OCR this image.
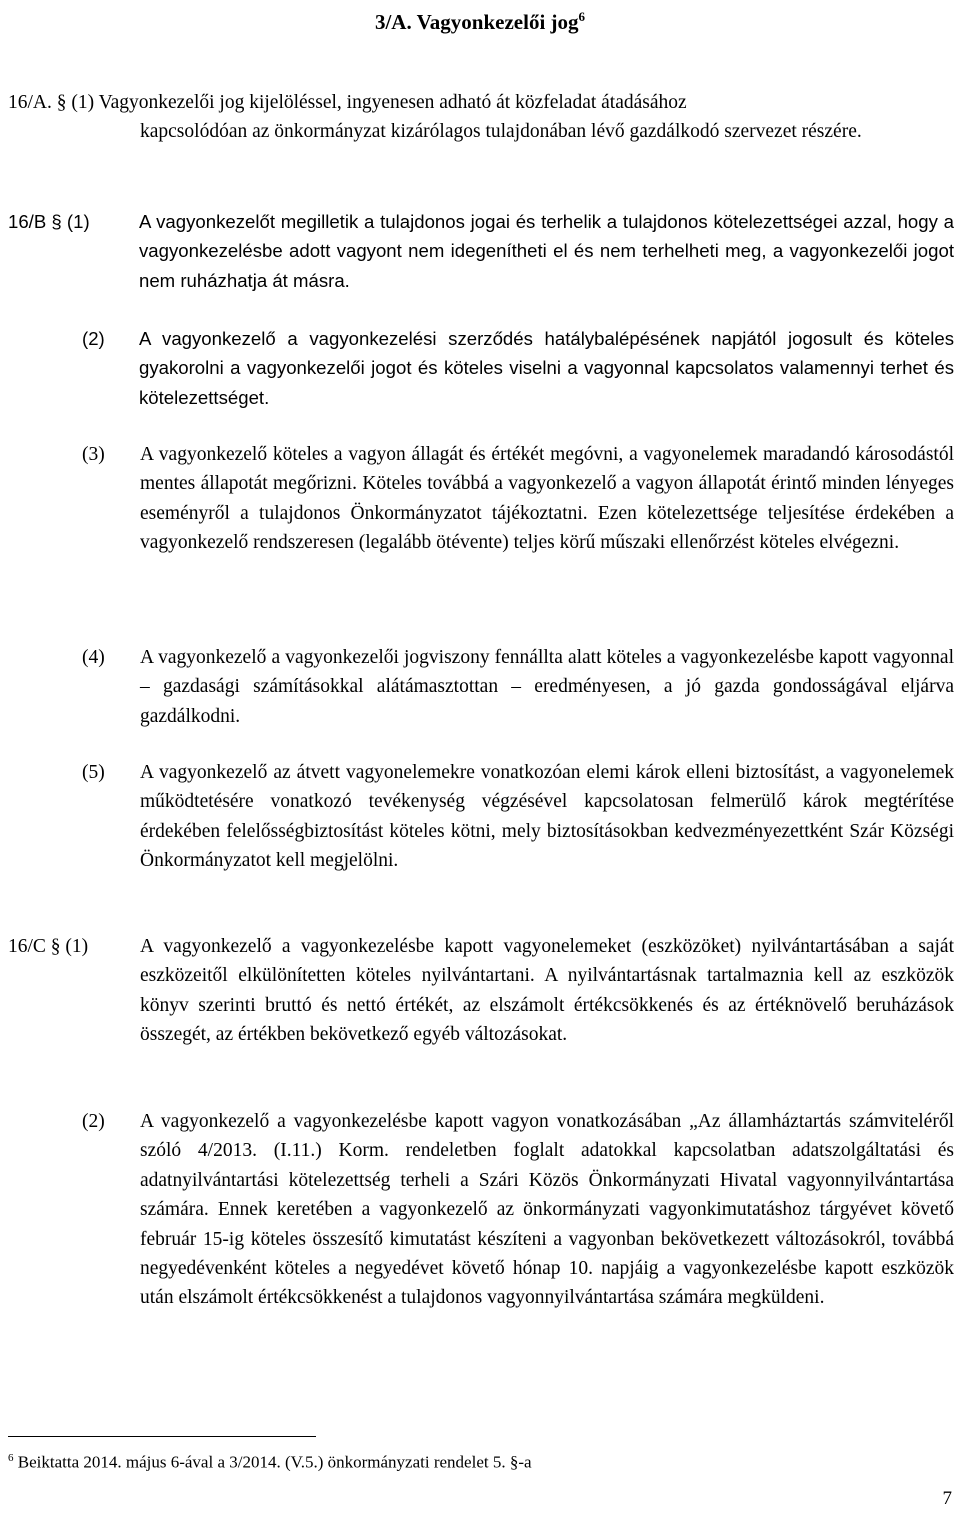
3/A. Vagyonkezelői jog$^6$
16/A. § (1) Vagyonkezelői jog kijelöléssel, ingyenesen adható át közfeladat átadásához
kapcsolódóan az önkormányzat kizárólagos tulajdonában lévő gazdálkodó szervezet részére.
16/B § (1)	A vagyonkezelőt megilletik a tulajdonos jogai és terhelik a tulajdonos kötelezettségei azzal, hogy a vagyonkezelésbe adott vagyont nem idegenítheti el és nem terhelheti meg, a vagyonkezelői jogot nem ruházhatja át másra.
(2) A vagyonkezelő a vagyonkezelési szerződés hatálybalépésének napjától jogosult és köteles gyakorolni a vagyonkezelői jogot és köteles viselni a vagyonnal kapcsolatos valamennyi terhet és kötelezettséget.
(3) A vagyonkezelő köteles a vagyon állagát és értékét megóvni, a vagyonelemek maradandó károsodástól mentes állapotát megőrizni. Köteles továbbá a vagyonkezelő a vagyon állapotát érintő minden lényeges eseményről a tulajdonos Önkormányzatot tájékoztatni. Ezen kötelezettsége teljesítése érdekében a vagyonkezelő rendszeresen (legalább ötévente) teljes körű műszaki ellenőrzést köteles elvégezni.
(4) A vagyonkezelő a vagyonkezelői jogviszony fennállta alatt köteles a vagyonkezelésbe kapott vagyonnal – gazdasági számításokkal alátámasztottan – eredményesen, a jó gazda gondosságával eljárva gazdálkodni.
(5) A vagyonkezelő az átvett vagyonelemekre vonatkozóan elemi károk elleni biztosítást, a vagyonelemek működtetésére vonatkozó tevékenység végzésével kapcsolatosan felmerülő károk megtérítése érdekében felelősségbiztosítást köteles kötni, mely biztosításokban kedvezményezettként Szár Községi Önkormányzatot kell megjelölni.
16/C § (1)	A vagyonkezelő a vagyonkezelésbe kapott vagyonelemeket (eszközöket) nyilvántartásában a saját eszközeitől elkülönítetten köteles nyilvántartani. A nyilvántartásnak tartalmaznia kell az eszközök könyv szerinti bruttó és nettó értékét, az elszámolt értékcsökkenés és az értéknövelő beruházások összegét, az értékben bekövetkező egyéb változásokat.
(2) A vagyonkezelő a vagyonkezelésbe kapott vagyon vonatkozásában „Az államháztartás számviteléről szóló 4/2013. (I.11.) Korm. rendeletben foglalt adatokkal kapcsolatban adatszolgáltatási és adatnyilvántartási kötelezettség terheli a Szári Közös Önkormányzati Hivatal vagyonnyilvántartása számára. Ennek keretében a vagyonkezelő az önkormányzati vagyonkimutatáshoz tárgyévet követő február 15-ig köteles összesítő kimutatást készíteni a vagyonban bekövetkezett változásokról, továbbá negyedévenként köteles a negyedévet követő hónap 10. napjáig a vagyonkezelésbe kapott eszközök után elszámolt értékcsökkenést a tulajdonos vagyonnyilvántartása számára megküldeni.
$^6$ Beiktatta 2014. május 6-ával a 3/2014. (V.5.) önkormányzati rendelet 5. §-a
7
